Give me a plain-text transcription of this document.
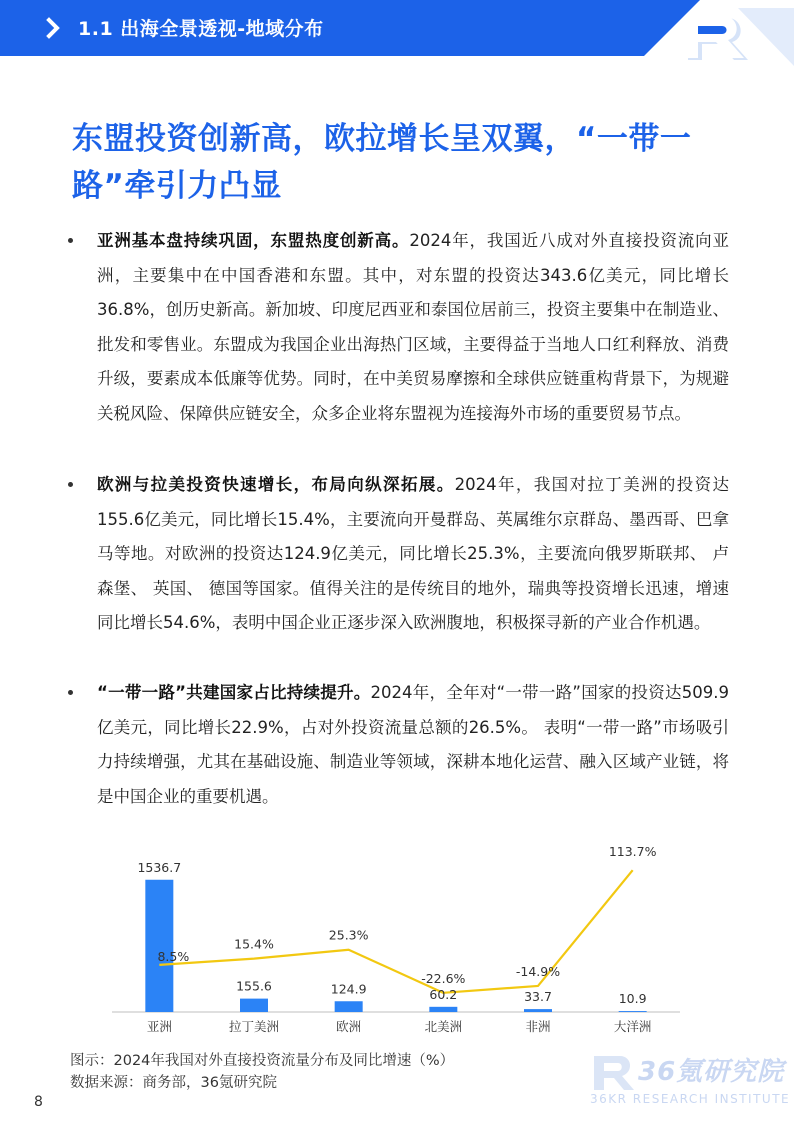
1.1 出海全景透视-地域分布
东盟投资创新高，欧拉增长呈双翼，“一带一路”牵引力凸显
亚洲基本盘持续巩固，东盟热度创新高。2024年，我国近八成对外直接投资流向亚洲，主要集中在中国香港和东盟。其中，对东盟的投资达343.6亿美元，同比增长36.8%，创历史新高。新加坡、印度尼西亚和泰国位居前三，投资主要集中在制造业、批发和零售业。东盟成为我国企业出海热门区域，主要得益于当地人口红利释放、消费升级，要素成本低廉等优势。同时，在中美贸易摩擦和全球供应链重构背景下，为规避关税风险、保障供应链安全，众多企业将东盟视为连接海外市场的重要贸易节点。
欧洲与拉美投资快速增长，布局向纵深拓展。2024年，我国对拉丁美洲的投资达155.6亿美元，同比增长15.4%，主要流向开曼群岛、英属维尔京群岛、墨西哥、巴拿马等地。对欧洲的投资达124.9亿美元，同比增长25.3%，主要流向俄罗斯联邦、 卢森堡、 英国、 德国等国家。值得关注的是传统目的地外，瑞典等投资增长迅速，增速同比增长54.6%，表明中国企业正逐步深入欧洲腹地，积极探寻新的产业合作机遇。
“一带一路”共建国家占比持续提升。2024年，全年对“一带一路”国家的投资达509.9亿美元，同比增长22.9%，占对外投资流量总额的26.5%。 表明“一带一路”市场吸引力持续增强，尤其在基础设施、制造业等领域，深耕本地化运营、融入区域产业链，将是中国企业的重要机遇。
1536.7
155.6	124.9	60.2	33.7	10.9
8.5%
15.4%
25.3%
-22.6%	-14.9%
113.7%
亚洲	拉丁美洲	欧洲	北美洲	非洲	大洋洲
图示：2024年我国对外直接投资流量分布及同比增速（%）
数据来源：商务部，36氪研究院	36氪研究院
36KR RESEARCH INSTITUTE
8
